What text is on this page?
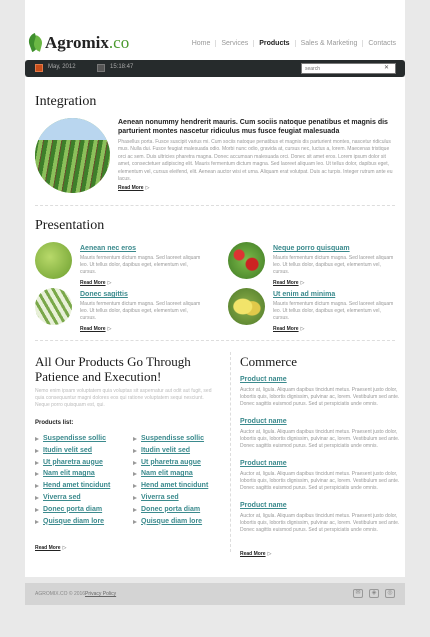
Agromix .co	Home	Services	Products	Sales & Marketing	Contacts
May, 2012	15:18:47
search	✕
Integration
Aenean nonummy hendrerit mauris. Cum sociis natoque penatibus et magnis dis parturient montes nascetur ridiculus mus fusce feugiat malesuada
Phasellus porta. Fusce suscipit varius mi. Cum sociis natoque penatibus et magnis dis parturient montes, nascetur ridiculus mus. Nulla dui. Fusce feugiat malesuada odio. Morbi nunc odio, gravida at, cursus nec, luctus a, lorem. Maecenas tristique orci ac sem. Duis ultricies pharetra magna. Donec accumsan malesuada orci. Donec sit amet eros. Lorem ipsum dolor sit amet, consectetuer adipiscing elit. Mauris fermentum dictum magna. Sed laoreet aliquam leo. Ut tellus dolor, dapibus eget, elementum vel, cursus eleifend, elit. Aenean auctor wisi et urna. Aliquam erat volutpat. Duis ac turpis. Integer rutrum ante eu lacus.
Read More ▷
Presentation
Aenean nec eros
Mauris fermentum dictum magna. Sed laoreet aliquam leo. Ut tellus dolor, dapibus eget, elementum vel, cursus.
Read More ▷
Neque porro quisquam
Mauris fermentum dictum magna. Sed laoreet aliquam leo. Ut tellus dolor, dapibus eget, elementum vel, cursus.
Read More ▷
Donec sagittis
Mauris fermentum dictum magna. Sed laoreet aliquam leo. Ut tellus dolor, dapibus eget, elementum vel, cursus.
Read More ▷
Ut enim ad minima
Mauris fermentum dictum magna. Sed laoreet aliquam leo. Ut tellus dolor, dapibus eget, elementum vel, cursus.
Read More ▷
All Our Products Go Through Patience and Execution!
Nemo enim ipsam voluptatem quia voluptas sit aspernatur aut odit aut fugit, sed quia consequuntur magni dolores eos qui ratione voluptatem sequi nesciunt. Neque porro quisquam est, qui.
Products list:
Suspendisse sollic
Itudin velit sed
Ut pharetra augue
Nam elit magna
Hend amet tincidunt
Viverra sed
Donec porta diam
Quisque diam lore
Suspendisse sollic
Itudin velit sed
Ut pharetra augue
Nam elit magna
Hend amet tincidunt
Viverra sed
Donec porta diam
Quisque diam lore
Read More ▷
Commerce
Product name
Auctor at, ligula. Aliquam dapibus tincidunt metus. Praesent justo dolor, lobortis quis, lobortis dignissim, pulvinar ac, lorem. Vestibulum sed ante. Donec sagittis euismod purus. Sed ut perspiciatis unde omnis.
Product name
Auctor at, ligula. Aliquam dapibus tincidunt metus. Praesent justo dolor, lobortis quis, lobortis dignissim, pulvinar ac, lorem. Vestibulum sed ante. Donec sagittis euismod purus. Sed ut perspiciatis unde omnis.
Product name
Auctor at, ligula. Aliquam dapibus tincidunt metus. Praesent justo dolor, lobortis quis, lobortis dignissim, pulvinar ac, lorem. Vestibulum sed ante. Donec sagittis euismod purus. Sed ut perspiciatis unde omnis.
Product name
Auctor at, ligula. Aliquam dapibus tincidunt metus. Praesent justo dolor, lobortis quis, lobortis dignissim, pulvinar ac, lorem. Vestibulum sed ante. Donec sagittis euismod purus. Sed ut perspiciatis unde omnis.
Read More ▷
AGROMIX.CO © 2016 Privacy Policy	✉	◈	◎
